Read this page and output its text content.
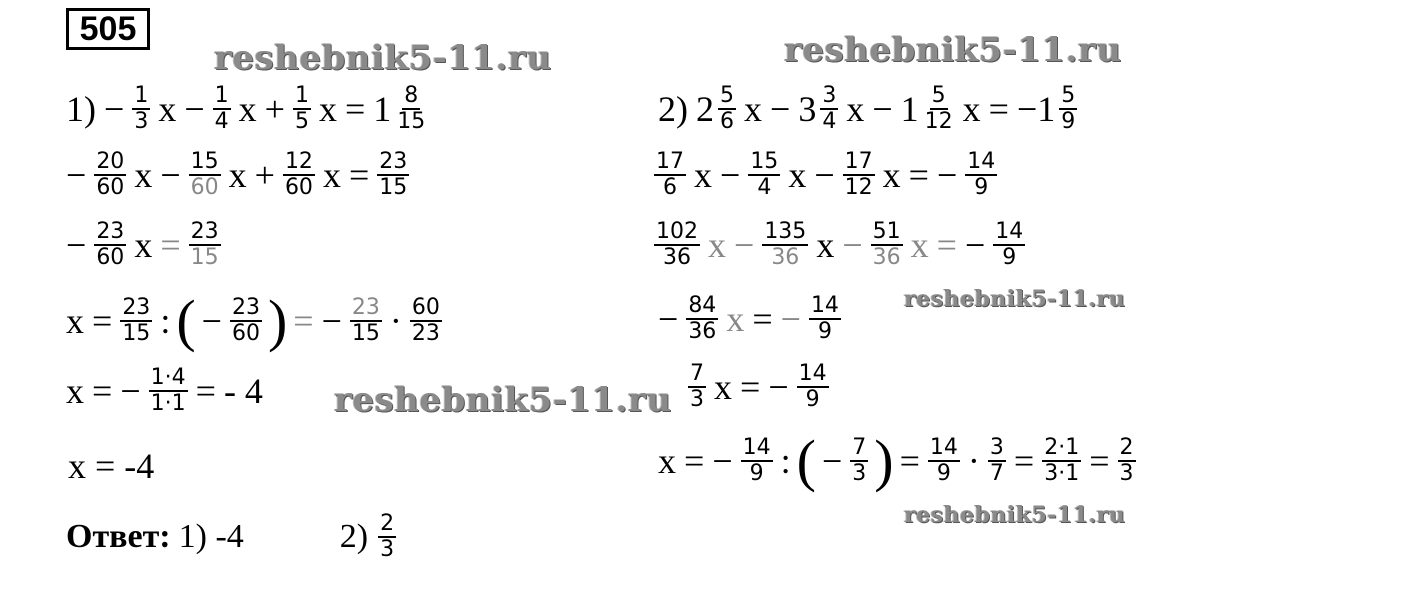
505
reshebnik5-11.ru	reshebnik5-11.ru
reshebnik5-11.ru
reshebnik5-11.ru
reshebnik5-11.ru
$1) - \frac{1}{3}$ $x - \frac{1}{4}$ $x + \frac{1}{5}$ $x = 1 \frac{8}{15}$
− $\frac{20}{60}$ $x - \frac{15}{60}$ $x + \frac{12}{60}$ $x = \frac{23}{15}$
− $\frac{23}{60}$ $x = \frac{23}{15}$
$x = \frac{23}{15}$ : ( − $\frac{23}{60}$ ) = − $\frac{23}{15} \cdot \frac{60}{23}$
x = − $\frac{1\cdot 4}{1\cdot 1}$ = - 4
x = -4
2) $2 \frac{5}{6}$ $x - 3 \frac{3}{4}$ $x - 1 \frac{5}{12}$ $x = -1 \frac{5}{9}$
$\frac{17}{6}$ $x - \frac{15}{4}$ $x - \frac{17}{12}$ x = − $\frac{14}{9}$
$\frac{102}{36}$ $x - \frac{135}{36}$ $x - \frac{51}{36}$ x = − $\frac{14}{9}$
− $\frac{84}{36}$ x = − $\frac{14}{9}$
$\frac{7}{3}$ x = − $\frac{14}{9}$
x = − $\frac{14}{9}$ : ( − $\frac{7}{3}$ ) = $\frac{14}{9} \cdot \frac{3}{7} = \frac{2\cdot 1}{3\cdot 1} = \frac{2}{3}$
Ответ: 1) -4	$2) \frac{2}{3}$
